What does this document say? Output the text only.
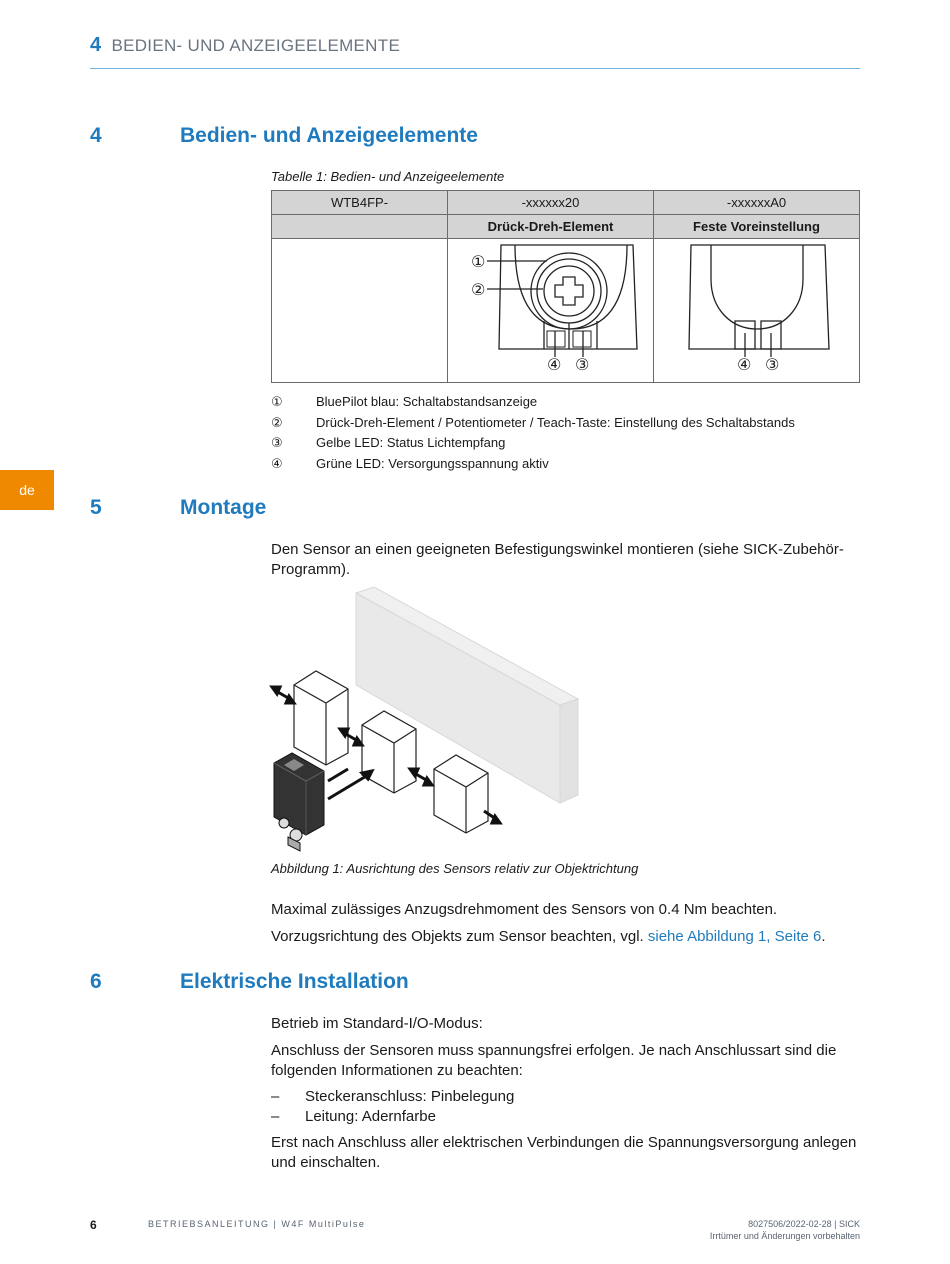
4 BEDIEN- UND ANZEIGEELEMENTE
de
4	Bedien- und Anzeigeelemente
Tabelle 1: Bedien- und Anzeigeelemente
WTB4FP-	-xxxxxx20	-xxxxxxA0
	Drück-Dreh-Element	Feste Voreinstellung

①
②
④ ③	④ ③
①	BluePilot blau: Schaltabstandsanzeige
②	Drück-Dreh-Element / Potentiometer / Teach-Taste: Einstellung des Schaltabstands
③	Gelbe LED: Status Lichtempfang
④	Grüne LED: Versorgungsspannung aktiv
5	Montage
Den Sensor an einen geeigneten Befestigungswinkel montieren (siehe SICK-Zubehör-Programm).
Abbildung 1: Ausrichtung des Sensors relativ zur Objektrichtung
Maximal zulässiges Anzugsdrehmoment des Sensors von 0.4 Nm beachten.
Vorzugsrichtung des Objekts zum Sensor beachten, vgl. siehe Abbildung 1, Seite 6.
6	Elektrische Installation
Betrieb im Standard-I/O-Modus:
Anschluss der Sensoren muss spannungsfrei erfolgen. Je nach Anschlussart sind die folgenden Informationen zu beachten:
–	Steckeranschluss: Pinbelegung
–	Leitung: Adernfarbe
Erst nach Anschluss aller elektrischen Verbindungen die Spannungsversorgung anlegen und einschalten.
6	BETRIEBSANLEITUNG | W4F MultiPulse	8027506/2022-02-28 | SICK
Irrtümer und Änderungen vorbehalten
